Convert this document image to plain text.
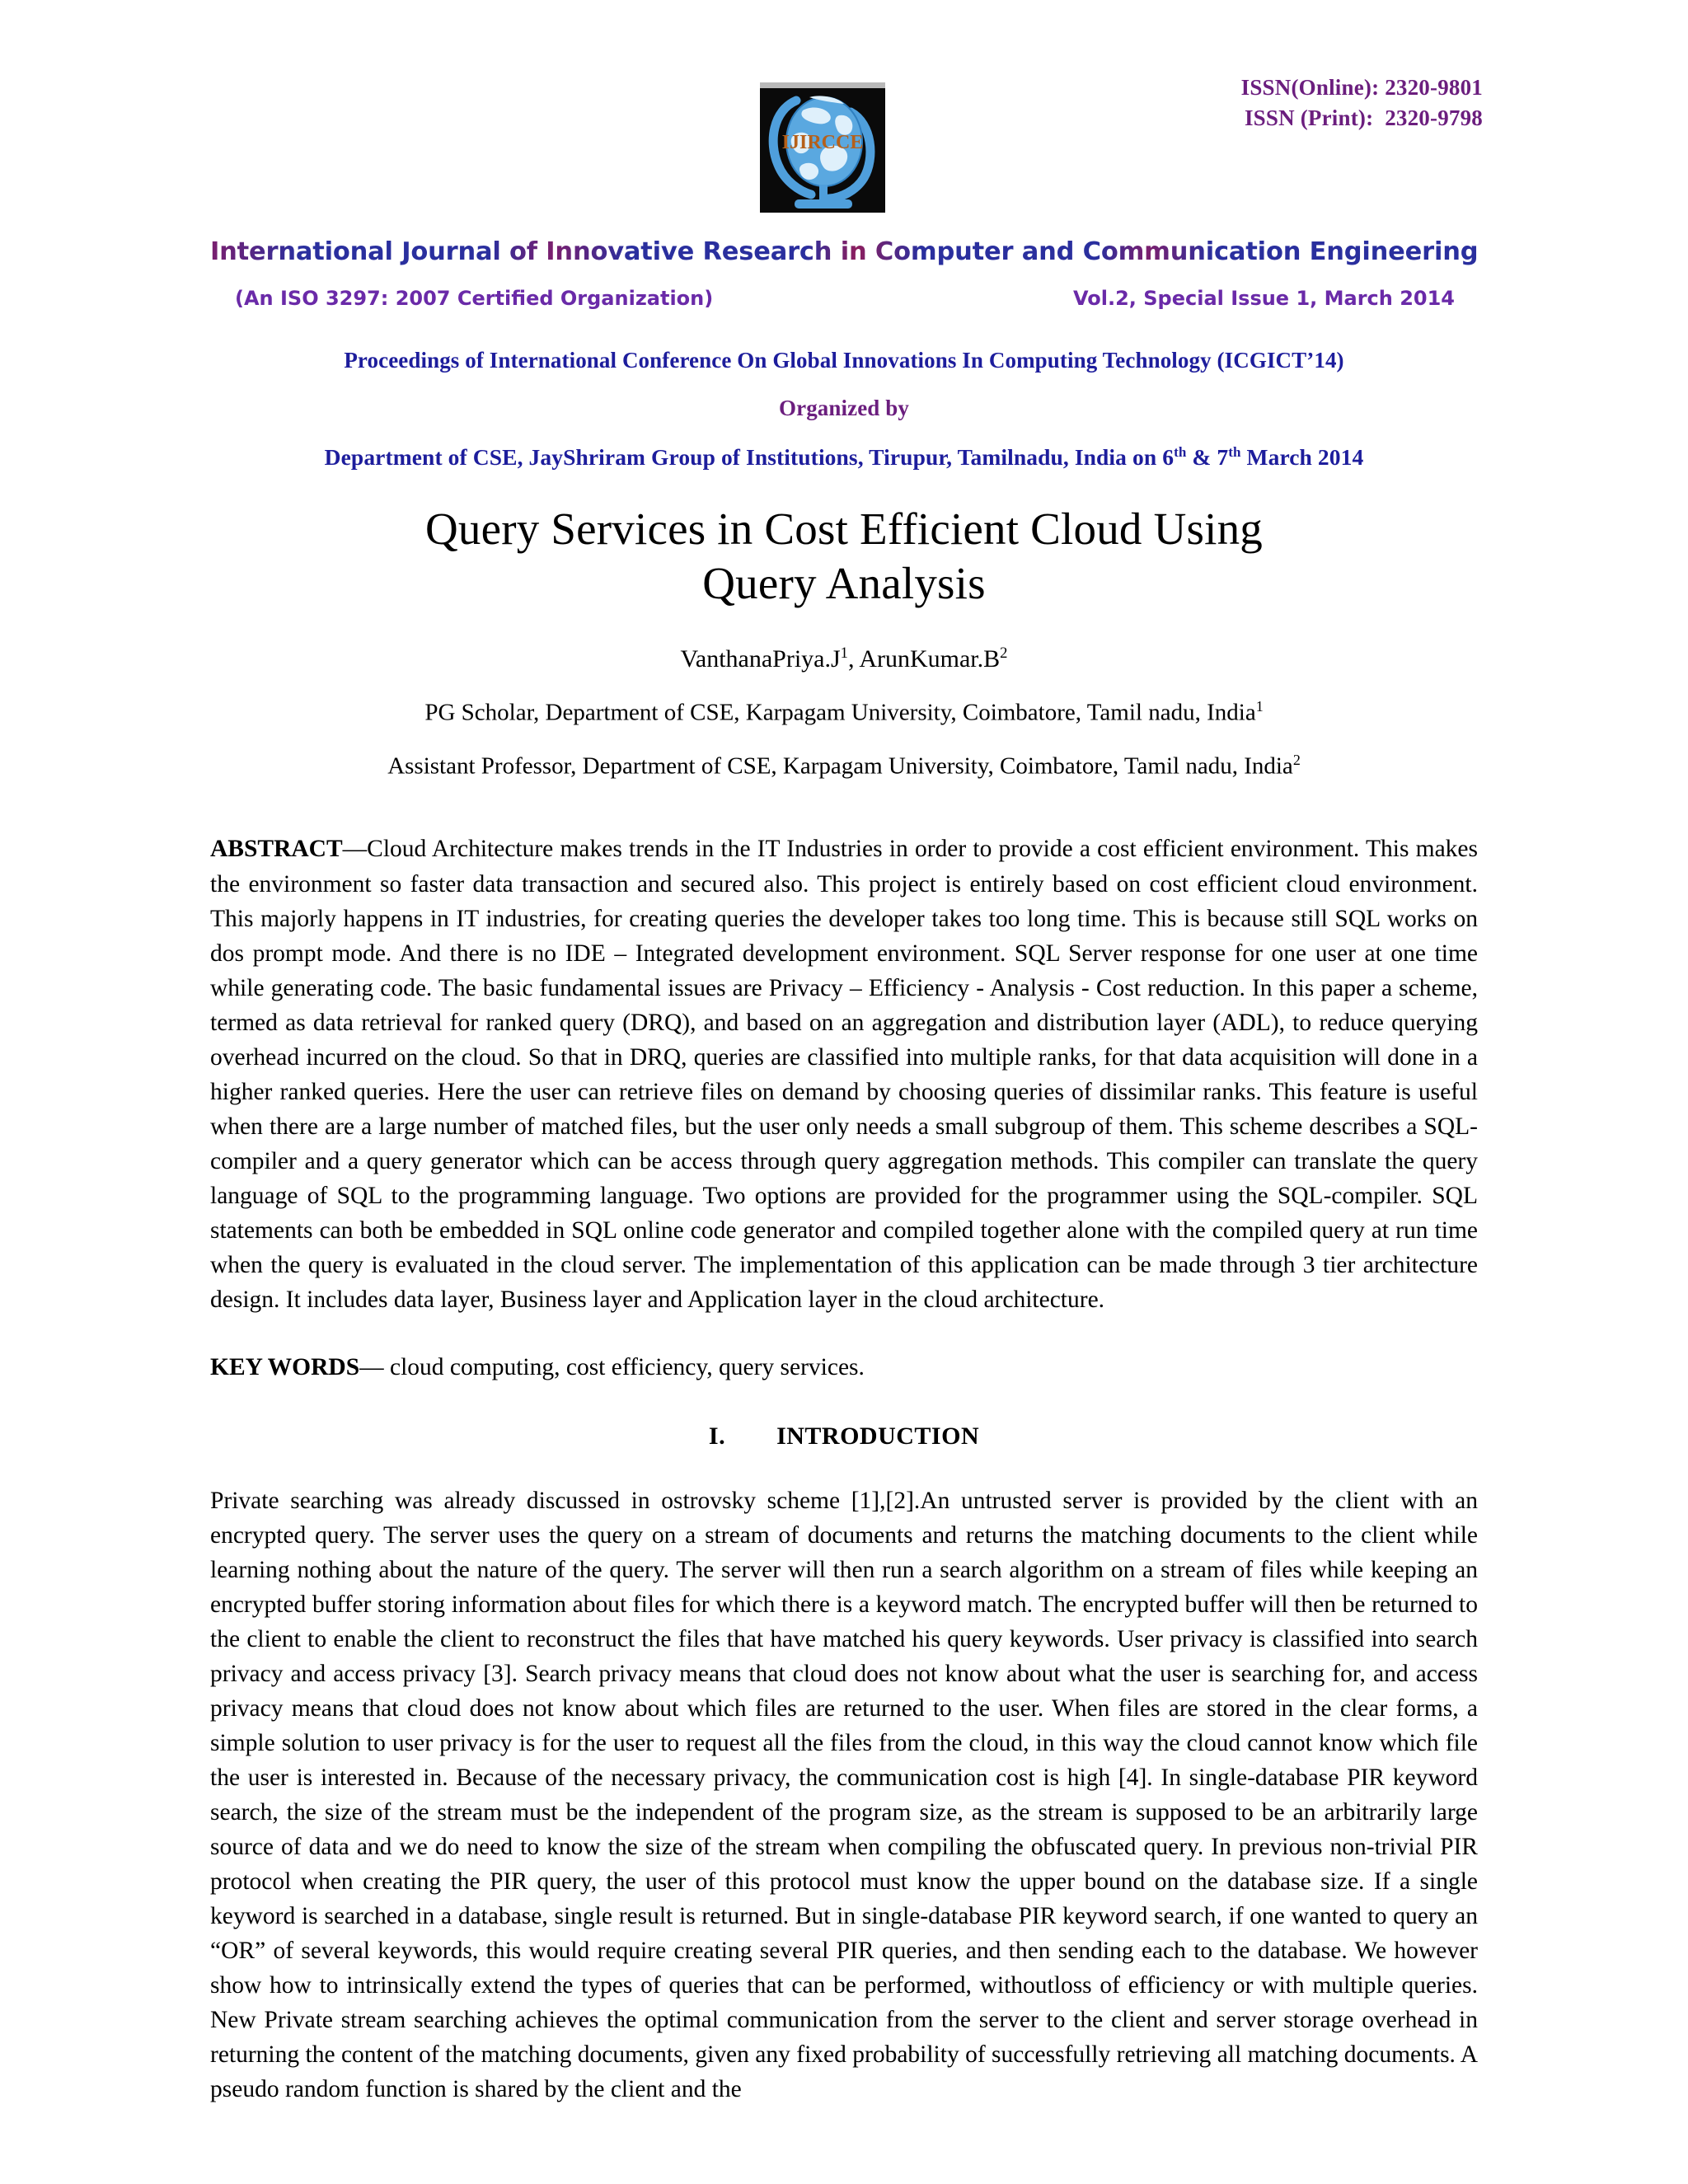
IJIRCCE
ISSN(Online): 2320-9801
ISSN (Print):  2320-9798
International Journal of Innovative Research in Computer and Communication Engineering
(An ISO 3297: 2007 Certified Organization)	Vol.2, Special Issue 1, March 2014
Proceedings of International Conference On Global Innovations In Computing Technology (ICGICT’14)
Organized by
Department of CSE, JayShriram Group of Institutions, Tirupur, Tamilnadu, India on 6th & 7th March 2014
Query Services in Cost Efficient Cloud Using
Query Analysis
$VanthanaPriya.J^1$, $ArunKumar.B^2$
PG Scholar, Department of CSE, Karpagam University, Coimbatore, Tamil nadu, India$^1$
Assistant Professor, Department of CSE, Karpagam University, Coimbatore, Tamil nadu, India$^2$
ABSTRACT—Cloud Architecture makes trends in the IT Industries in order to provide a cost efficient environment. This makes the environment so faster data transaction and secured also. This project is entirely based on cost efficient cloud environment. This majorly happens in IT industries, for creating queries the developer takes too long time. This is because still SQL works on dos prompt mode. And there is no IDE – Integrated development environment. SQL Server response for one user at one time while generating code. The basic fundamental issues are Privacy – Efficiency - Analysis - Cost reduction. In this paper a scheme, termed as data retrieval for ranked query (DRQ), and based on an aggregation and distribution layer (ADL), to reduce querying overhead incurred on the cloud. So that in DRQ, queries are classified into multiple ranks, for that data acquisition will done in a higher ranked queries. Here the user can retrieve files on demand by choosing queries of dissimilar ranks. This feature is useful when there are a large number of matched files, but the user only needs a small subgroup of them. This scheme describes a SQL-compiler and a query generator which can be access through query aggregation methods. This compiler can translate the query language of SQL to the programming language. Two options are provided for the programmer using the SQL-compiler. SQL statements can both be embedded in SQL online code generator and compiled together alone with the compiled query at run time when the query is evaluated in the cloud server. The implementation of this application can be made through 3 tier architecture design. It includes data layer, Business layer and Application layer in the cloud architecture.
KEY WORDS— cloud computing, cost efficiency, query services.
I. INTRODUCTION
Private searching was already discussed in ostrovsky scheme [1],[2].An untrusted server is provided by the client with an encrypted query. The server uses the query on a stream of documents and returns the matching documents to the client while learning nothing about the nature of the query. The server will then run a search algorithm on a stream of files while keeping an encrypted buffer storing information about files for which there is a keyword match. The encrypted buffer will then be returned to the client to enable the client to reconstruct the files that have matched his query keywords. User privacy is classified into search privacy and access privacy [3]. Search privacy means that cloud does not know about what the user is searching for, and access privacy means that cloud does not know about which files are returned to the user. When files are stored in the clear forms, a simple solution to user privacy is for the user to request all the files from the cloud, in this way the cloud cannot know which file the user is interested in. Because of the necessary privacy, the communication cost is high [4]. In single-database PIR keyword search, the size of the stream must be the independent of the program size, as the stream is supposed to be an arbitrarily large source of data and we do need to know the size of the stream when compiling the obfuscated query. In previous non-trivial PIR protocol when creating the PIR query, the user of this protocol must know the upper bound on the database size. If a single keyword is searched in a database, single result is returned. But in single-database PIR keyword search, if one wanted to query an “OR” of several keywords, this would require creating several PIR queries, and then sending each to the database. We however show how to intrinsically extend the types of queries that can be performed, withoutloss of efficiency or with multiple queries. New Private stream searching achieves the optimal communication from the server to the client and server storage overhead in returning the content of the matching documents, given any fixed probability of successfully retrieving all matching documents. A pseudo random function is shared by the client and the
